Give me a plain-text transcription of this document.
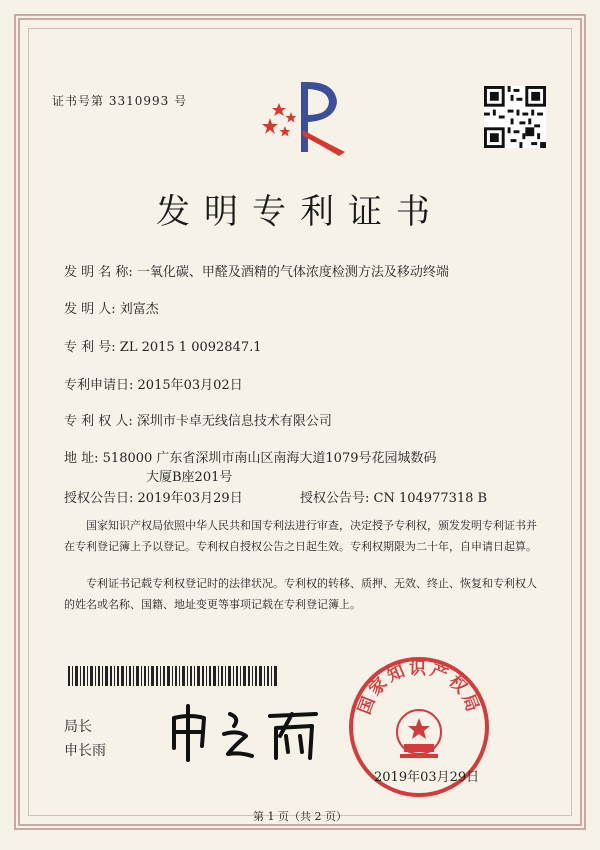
证书号第 3310993 号
发明专利证书
发 明 名 称: 一氧化碳、甲醛及酒精的气体浓度检测方法及移动终端
发 明 人: 刘富杰
专 利 号: ZL 2015 1 0092847.1
专利申请日: 2015年03月02日
专 利 权 人: 深圳市卡卓无线信息技术有限公司
地 址: 518000 广东省深圳市南山区南海大道1079号花园城数码
大厦B座201号
授权公告日: 2019年03月29日	授权公告号: CN 104977318 B
国家知识产权局依照中华人民共和国专利法进行审查，决定授予专利权，颁发发明专利证书并在专利登记簿上予以登记。专利权自授权公告之日起生效。专利权期限为二十年，自申请日起算。
专利证书记载专利权登记时的法律状况。专利权的转移、质押、无效、终止、恢复和专利权人的姓名或名称、国籍、地址变更等事项记载在专利登记簿上。
局长
申长雨
国家知识产权局
2019年03月29日
第 1 页（共 2 页）
